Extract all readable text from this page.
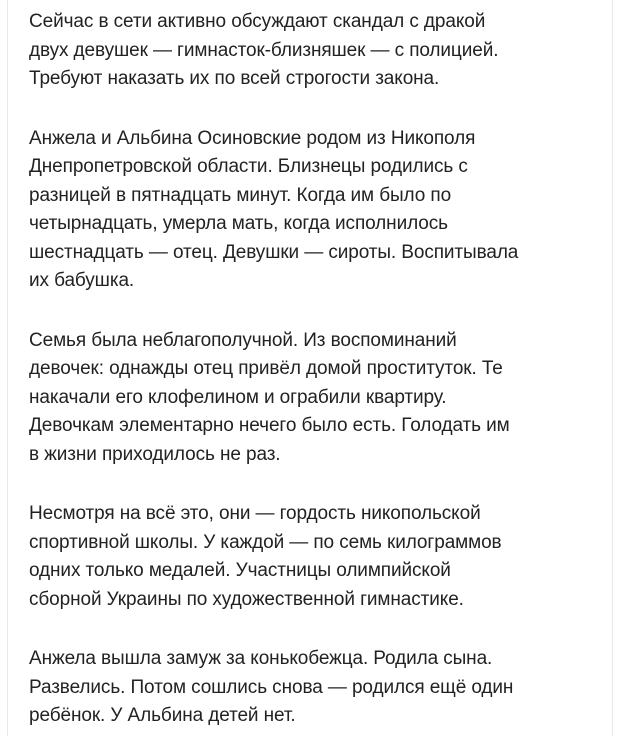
Сейчас в сети активно обсуждают скандал с дракой
двух девушек — гимнасток-близняшек — с полицией.
Требуют наказать их по всей строгости закона.

Анжела и Альбина Осиновские родом из Никополя
Днепропетровской области. Близнецы родились с
разницей в пятнадцать минут. Когда им было по
четырнадцать, умерла мать, когда исполнилось
шестнадцать — отец. Девушки — сироты. Воспитывала
их бабушка.

Семья была неблагополучной. Из воспоминаний
девочек: однажды отец привёл домой проституток. Те
накачали его клофелином и ограбили квартиру.
Девочкам элементарно нечего было есть. Голодать им
в жизни приходилось не раз.

Несмотря на всё это, они — гордость никопольской
спортивной школы. У каждой — по семь килограммов
одних только медалей. Участницы олимпийской
сборной Украины по художественной гимнастике.

Анжела вышла замуж за конькобежца. Родила сына.
Развелись. Потом сошлись снова — родился ещё один
ребёнок. У Альбина детей нет.
